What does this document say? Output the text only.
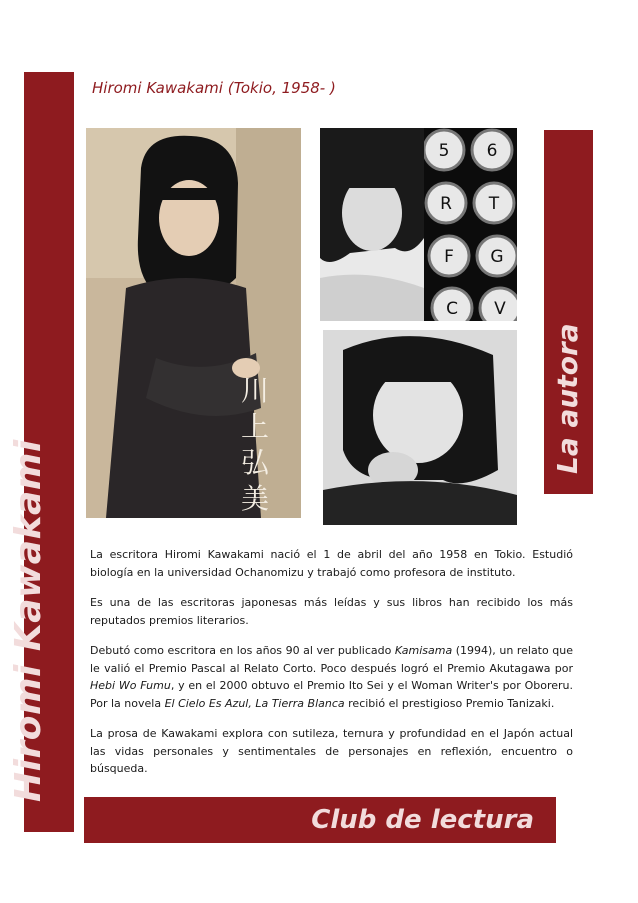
Hiromi Kawakami
La autora
Hiromi Kawakami (Tokio, 1958- )
川上弘美
5 6
R T
F G
C V

La escritora Hiromi Kawakami nació el 1 de abril del año 1958 en Tokio. Estudió biología en la universidad Ochanomizu y trabajó como profesora de instituto.

Es una de las escritoras japonesas más leídas y sus libros han recibido los más reputados premios literarios.

Debutó como escritora en los años 90 al ver publicado Kamisama (1994), un relato que le valió el Premio Pascal al Relato Corto. Poco después logró el Premio Akutagawa por Hebi Wo Fumu, y en el 2000 obtuvo el Premio Ito Sei y el Woman Writer's por Oboreru. Por la novela El Cielo Es Azul, La Tierra Blanca recibió el prestigioso Premio Tanizaki.

La prosa de Kawakami explora con sutileza, ternura y profundidad en el Japón actual las vidas personales y sentimentales de personajes en reflexión, encuentro o búsqueda.

Club de lectura
